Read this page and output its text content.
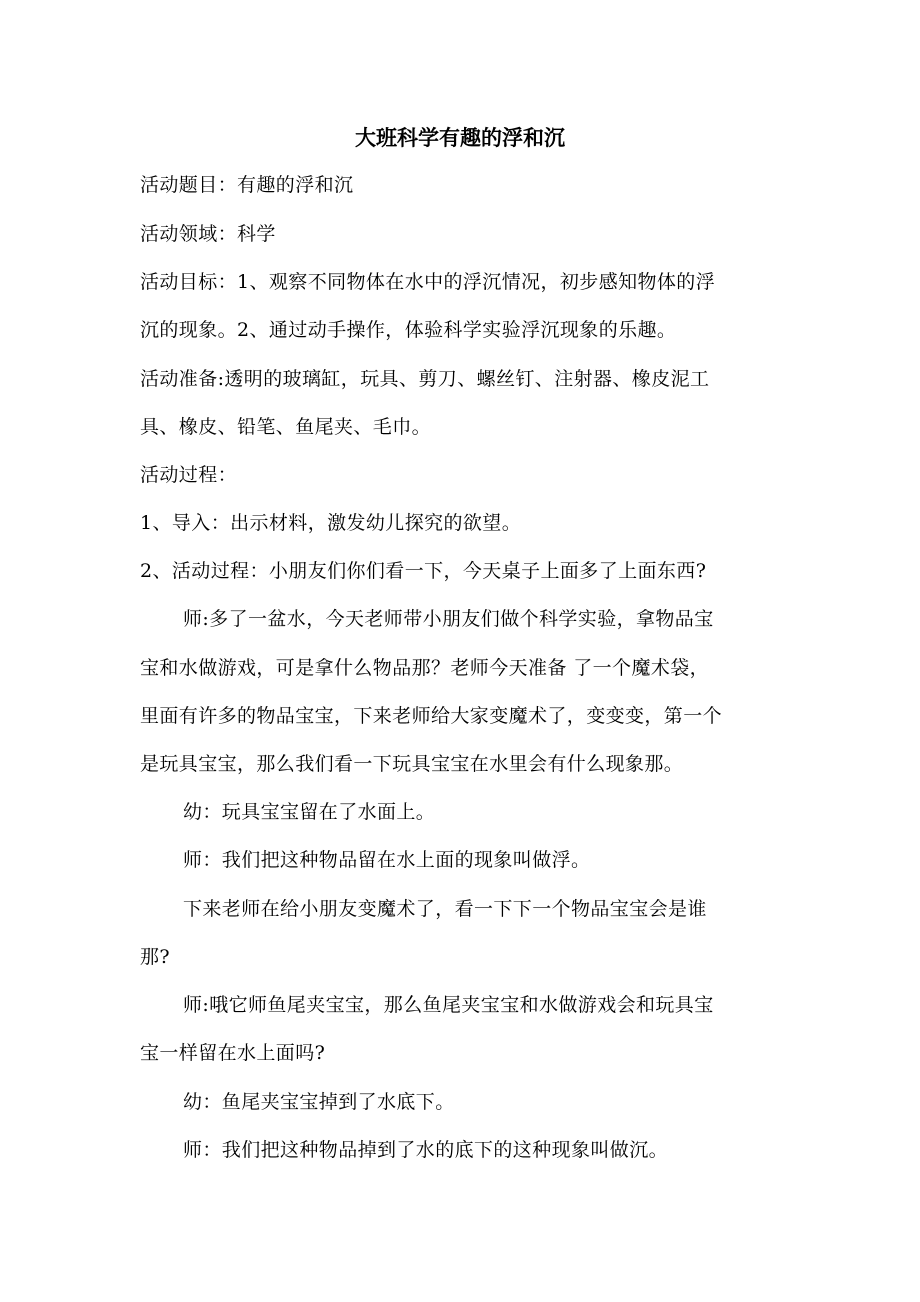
大班科学有趣的浮和沉
活动题目：有趣的浮和沉
活动领域：科学
活动目标：1、观察不同物体在水中的浮沉情况，初步感知物体的浮
沉的现象。2、通过动手操作，体验科学实验浮沉现象的乐趣。
活动准备:透明的玻璃缸，玩具、剪刀、螺丝钉、注射器、橡皮泥工
具、橡皮、铅笔、鱼尾夹、毛巾。
活动过程：
1、导入：出示材料，激发幼儿探究的欲望。
2、活动过程：小朋友们你们看一下，今天桌子上面多了上面东西?
师:多了一盆水，今天老师带小朋友们做个科学实验，拿物品宝
宝和水做游戏，可是拿什么物品那？老师今天准备 了一个魔术袋，
里面有许多的物品宝宝，下来老师给大家变魔术了，变变变，第一个
是玩具宝宝，那么我们看一下玩具宝宝在水里会有什么现象那。
幼：玩具宝宝留在了水面上。
师：我们把这种物品留在水上面的现象叫做浮。
下来老师在给小朋友变魔术了，看一下下一个物品宝宝会是谁
那?
师:哦它师鱼尾夹宝宝，那么鱼尾夹宝宝和水做游戏会和玩具宝
宝一样留在水上面吗?
幼：鱼尾夹宝宝掉到了水底下。
师：我们把这种物品掉到了水的底下的这种现象叫做沉。
